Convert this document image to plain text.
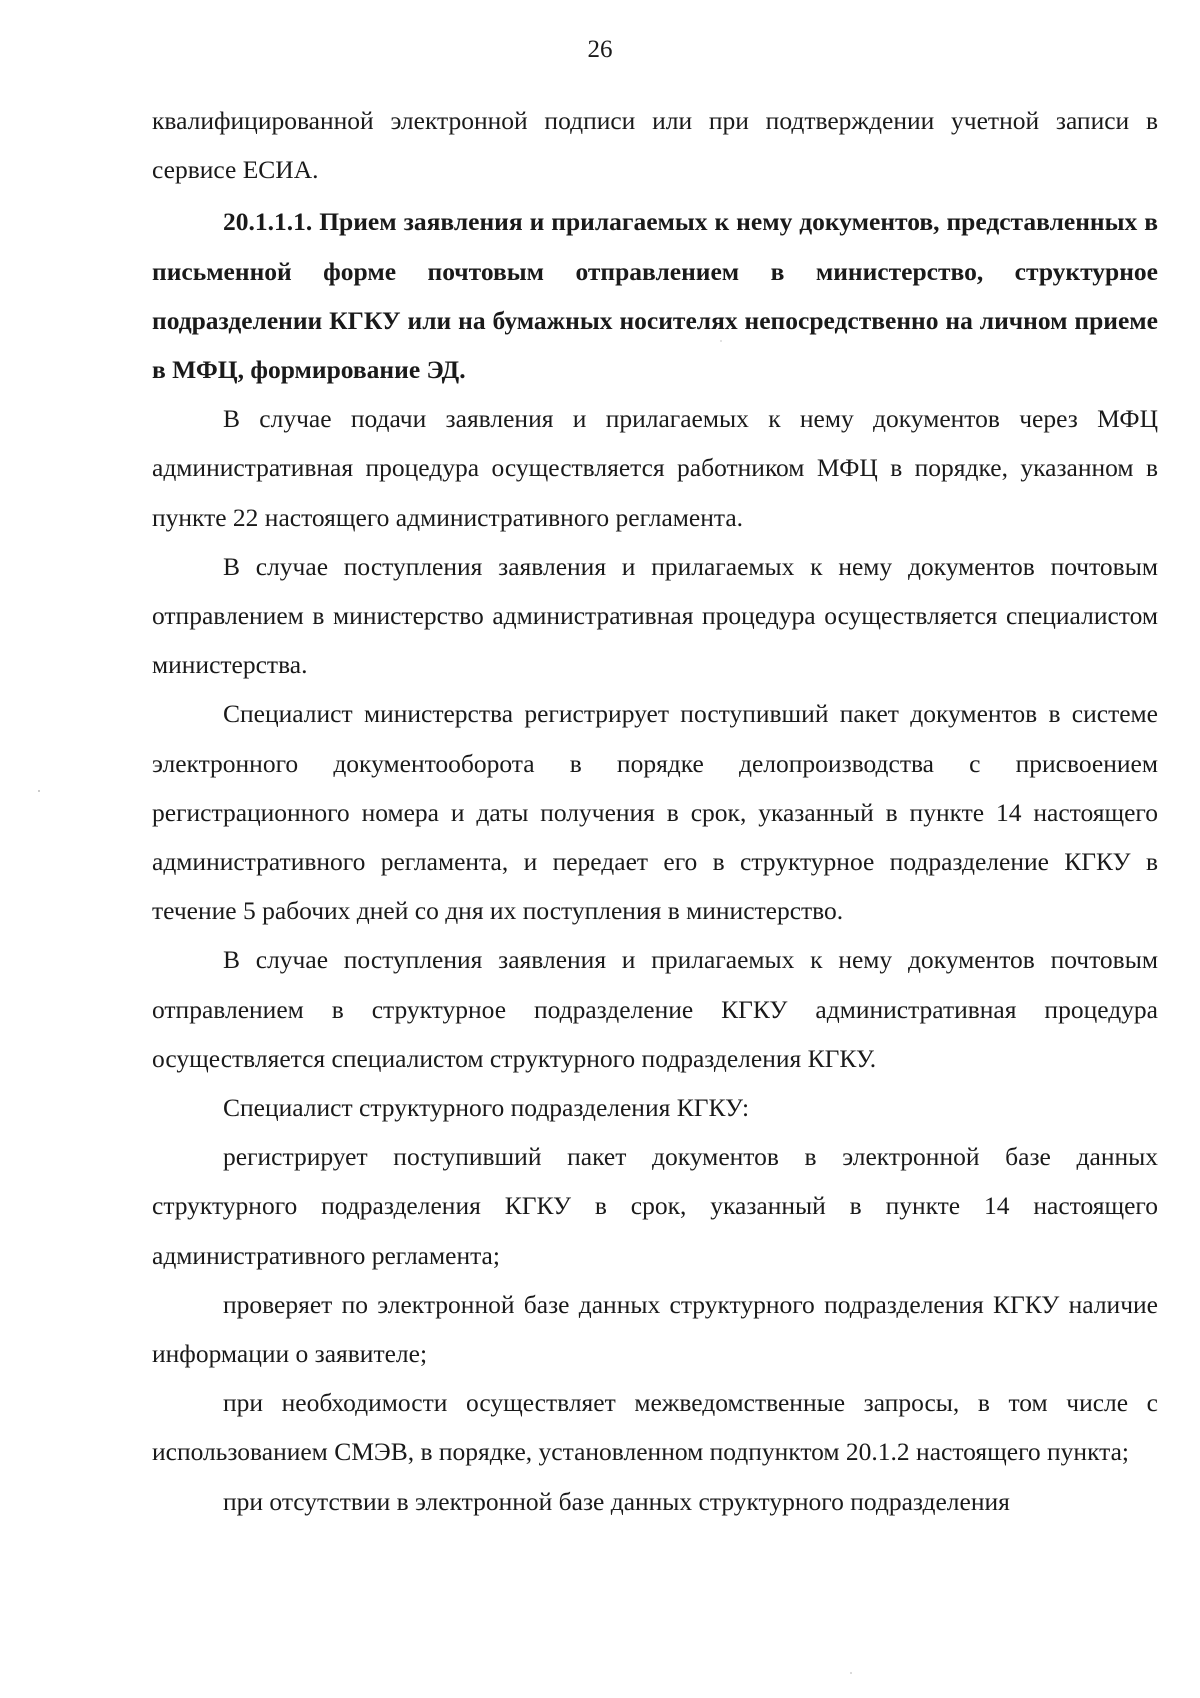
26

квалифицированной электронной подписи или при подтверждении учетной записи в сервисе ЕСИА.

20.1.1.1. Прием заявления и прилагаемых к нему документов, представленных в письменной форме почтовым отправлением в министерство, структурное подразделении КГКУ или на бумажных носителях непосредственно на личном приеме в МФЦ, формирование ЭД.

В случае подачи заявления и прилагаемых к нему документов через МФЦ административная процедура осуществляется работником МФЦ в порядке, указанном в пункте 22 настоящего административного регламента.

В случае поступления заявления и прилагаемых к нему документов почтовым отправлением в министерство административная процедура осуществляется специалистом министерства.

Специалист министерства регистрирует поступивший пакет документов в системе электронного документооборота в порядке делопроизводства с присвоением регистрационного номера и даты получения в срок, указанный в пункте 14 настоящего административного регламента, и передает его в структурное подразделение КГКУ в течение 5 рабочих дней со дня их поступления в министерство.

В случае поступления заявления и прилагаемых к нему документов почтовым отправлением в структурное подразделение КГКУ административная процедура осуществляется специалистом структурного подразделения КГКУ.

Специалист структурного подразделения КГКУ:

регистрирует поступивший пакет документов в электронной базе данных структурного подразделения КГКУ в срок, указанный в пункте 14 настоящего административного регламента;

проверяет по электронной базе данных структурного подразделения КГКУ наличие информации о заявителе;

при необходимости осуществляет межведомственные запросы, в том числе с использованием СМЭВ, в порядке, установленном подпунктом 20.1.2 настоящего пункта;

при отсутствии в электронной базе данных структурного подразделения
